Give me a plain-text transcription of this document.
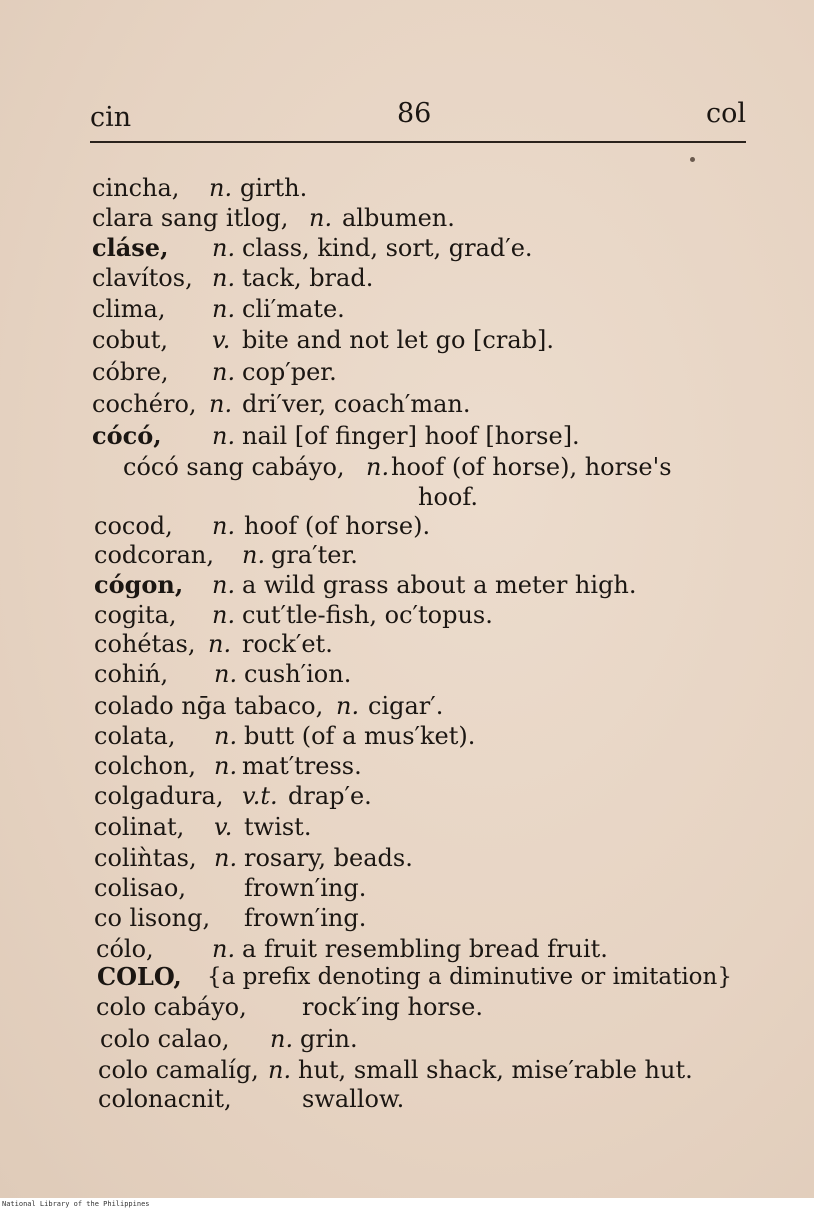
cin	86	col
cincha, n. girth.
clara sang itlog, n. albumen.
cláse, n. class, kind, sort, grad′e.
clavítos, n. tack, brad.
clima, n. cli′mate.
cobut, v. bite and not let go [crab].
cóbre, n. cop′per.
cochéro, n. dri′ver, coach′man.
cócó, n. nail [of finger] hoof [horse].
cócó sang cabáyo, n. hoof (of horse), horse's
hoof.
cocod, n. hoof (of horse).
codcoran, n. gra′ter.
cógon, n. a wild grass about a meter high.
cogita, n. cut′tle-fish, oc′topus.
cohétas, n. rock′et.
cohiń, n. cush′ion.
colado nḡa tabaco, n. cigar′.
colata, n. butt (of a mus′ket).
colchon, n. mat′tress.
colgadura, v.t. drap′e.
colinat, v. twist.
coliǹtas, n. rosary, beads.
colisao, frown′ing.
co lisong, frown′ing.
cólo, n. a fruit resembling bread fruit.
COLO, {a prefix denoting a diminutive or imitation}
colo cabáyo, rock′ing horse.
colo calao, n. grin.
colo camalíg, n. hut, small shack, mise′rable hut.
colonacnit,	swallow.
National Library of the Philippines
